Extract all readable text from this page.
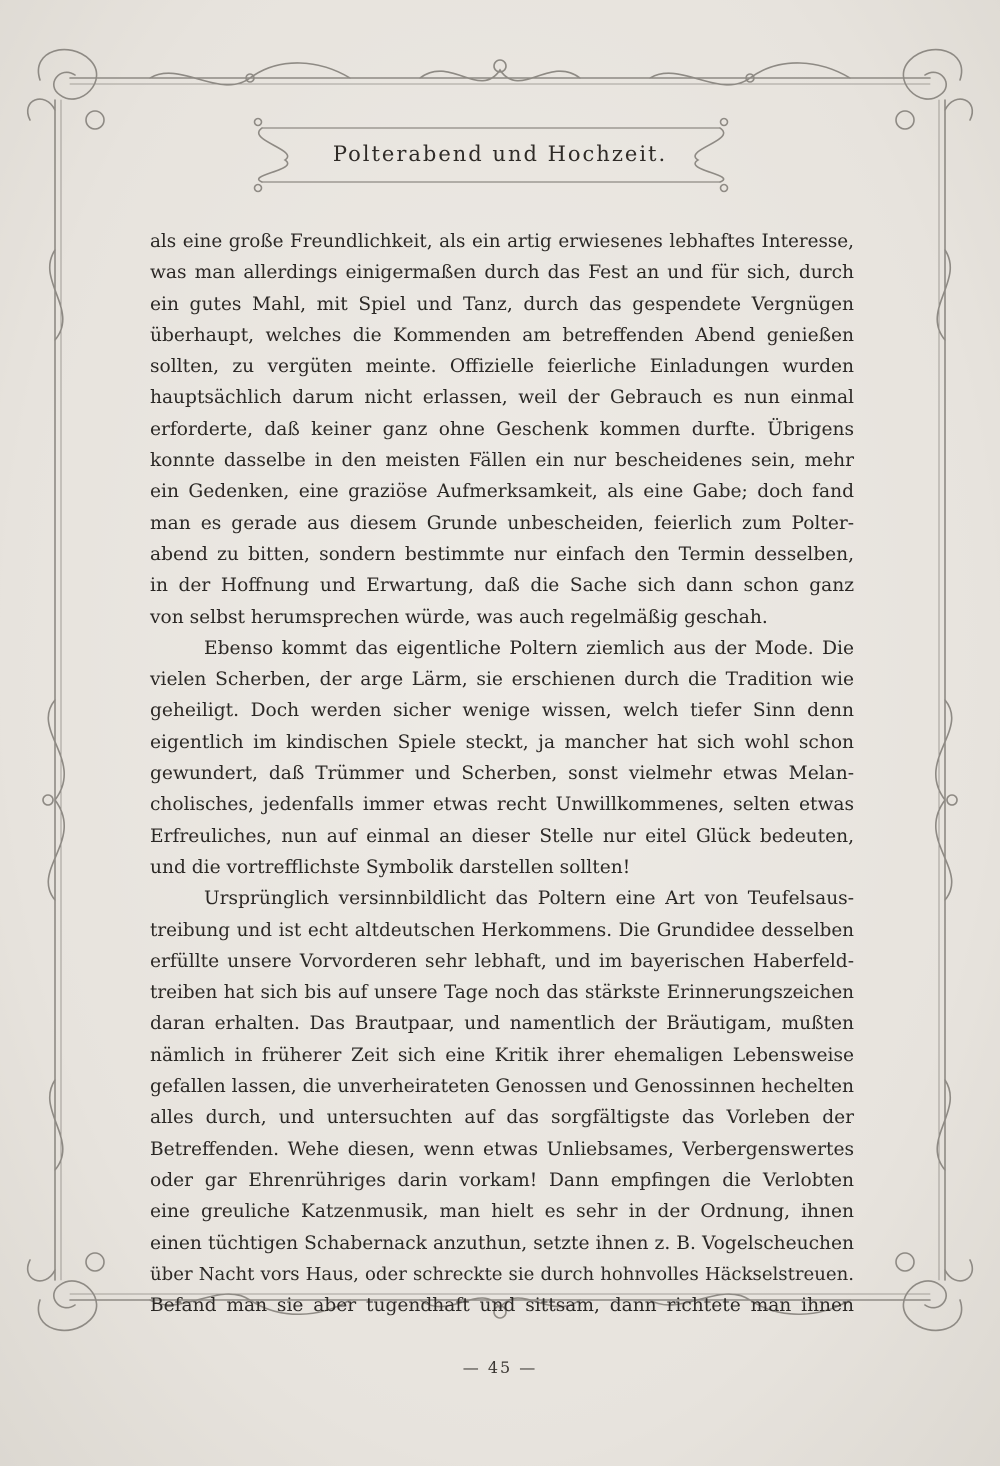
Polterabend und Hochzeit.
als eine große Freundlichkeit, als ein artig erwiesenes lebhaftes Interesse,
was man allerdings einigermaßen durch das Fest an und für sich, durch
ein gutes Mahl, mit Spiel und Tanz, durch das gespendete Vergnügen
überhaupt, welches die Kommenden am betreffenden Abend genießen
sollten, zu vergüten meinte. Offizielle feierliche Einladungen wurden
hauptsächlich darum nicht erlassen, weil der Gebrauch es nun einmal
erforderte, daß keiner ganz ohne Geschenk kommen durfte. Übrigens
konnte dasselbe in den meisten Fällen ein nur bescheidenes sein, mehr
ein Gedenken, eine graziöse Aufmerksamkeit, als eine Gabe; doch fand
man es gerade aus diesem Grunde unbescheiden, feierlich zum Polter-
abend zu bitten, sondern bestimmte nur einfach den Termin desselben,
in der Hoffnung und Erwartung, daß die Sache sich dann schon ganz
von selbst herumsprechen würde, was auch regelmäßig geschah.
Ebenso kommt das eigentliche Poltern ziemlich aus der Mode. Die
vielen Scherben, der arge Lärm, sie erschienen durch die Tradition wie
geheiligt. Doch werden sicher wenige wissen, welch tiefer Sinn denn
eigentlich im kindischen Spiele steckt, ja mancher hat sich wohl schon
gewundert, daß Trümmer und Scherben, sonst vielmehr etwas Melan-
cholisches, jedenfalls immer etwas recht Unwillkommenes, selten etwas
Erfreuliches, nun auf einmal an dieser Stelle nur eitel Glück bedeuten,
und die vortrefflichste Symbolik darstellen sollten!
Ursprünglich versinnbildlicht das Poltern eine Art von Teufelsaus-
treibung und ist echt altdeutschen Herkommens. Die Grundidee desselben
erfüllte unsere Vorvorderen sehr lebhaft, und im bayerischen Haberfeld-
treiben hat sich bis auf unsere Tage noch das stärkste Erinnerungszeichen
daran erhalten. Das Brautpaar, und namentlich der Bräutigam, mußten
nämlich in früherer Zeit sich eine Kritik ihrer ehemaligen Lebensweise
gefallen lassen, die unverheirateten Genossen und Genossinnen hechelten
alles durch, und untersuchten auf das sorgfältigste das Vorleben der
Betreffenden. Wehe diesen, wenn etwas Unliebsames, Verbergenswertes
oder gar Ehrenrühriges darin vorkam! Dann empfingen die Verlobten
eine greuliche Katzenmusik, man hielt es sehr in der Ordnung, ihnen
einen tüchtigen Schabernack anzuthun, setzte ihnen z. B. Vogelscheuchen
über Nacht vors Haus, oder schreckte sie durch hohnvolles Häckselstreuen.
Befand man sie aber tugendhaft und sittsam, dann richtete man ihnen
— 45 —
